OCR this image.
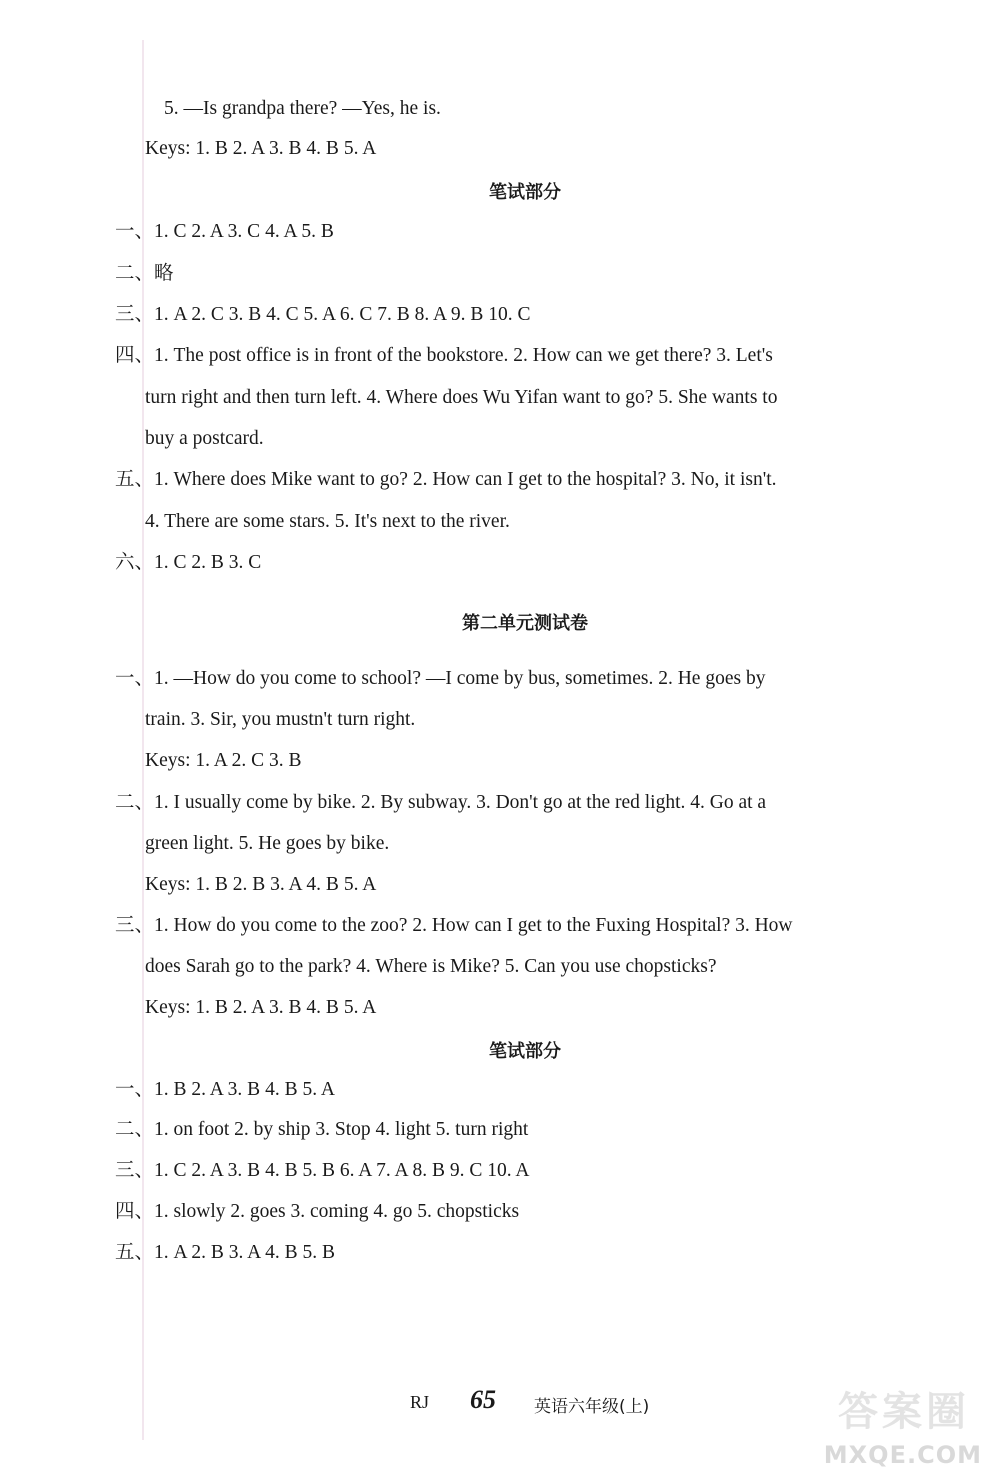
5. —Is grandpa there? —Yes, he is.
Keys: 1. B 2. A 3. B 4. B 5. A
笔试部分
一、1. C 2. A 3. C 4. A 5. B
二、略
三、1. A 2. C 3. B 4. C 5. A 6. C 7. B 8. A 9. B 10. C
四、1. The post office is in front of the bookstore. 2. How can we get there? 3. Let's
turn right and then turn left. 4. Where does Wu Yifan want to go? 5. She wants to
buy a postcard.
五、1. Where does Mike want to go? 2. How can I get to the hospital? 3. No, it isn't.
4. There are some stars. 5. It's next to the river.
六、1. C 2. B 3. C
第二单元测试卷
一、1. —How do you come to school? —I come by bus, sometimes. 2. He goes by
train. 3. Sir, you mustn't turn right.
Keys: 1. A 2. C 3. B
二、1. I usually come by bike. 2. By subway. 3. Don't go at the red light. 4. Go at a
green light. 5. He goes by bike.
Keys: 1. B 2. B 3. A 4. B 5. A
三、1. How do you come to the zoo? 2. How can I get to the Fuxing Hospital? 3. How
does Sarah go to the park? 4. Where is Mike? 5. Can you use chopsticks?
Keys: 1. B 2. A 3. B 4. B 5. A
笔试部分
一、1. B 2. A 3. B 4. B 5. A
二、1. on foot 2. by ship 3. Stop 4. light 5. turn right
三、1. C 2. A 3. B 4. B 5. B 6. A 7. A 8. B 9. C 10. A
四、1. slowly 2. goes 3. coming 4. go 5. chopsticks
五、1. A 2. B 3. A 4. B 5. B
RJ 65 英语六年级(上)	答案圈
MXQE.COM
